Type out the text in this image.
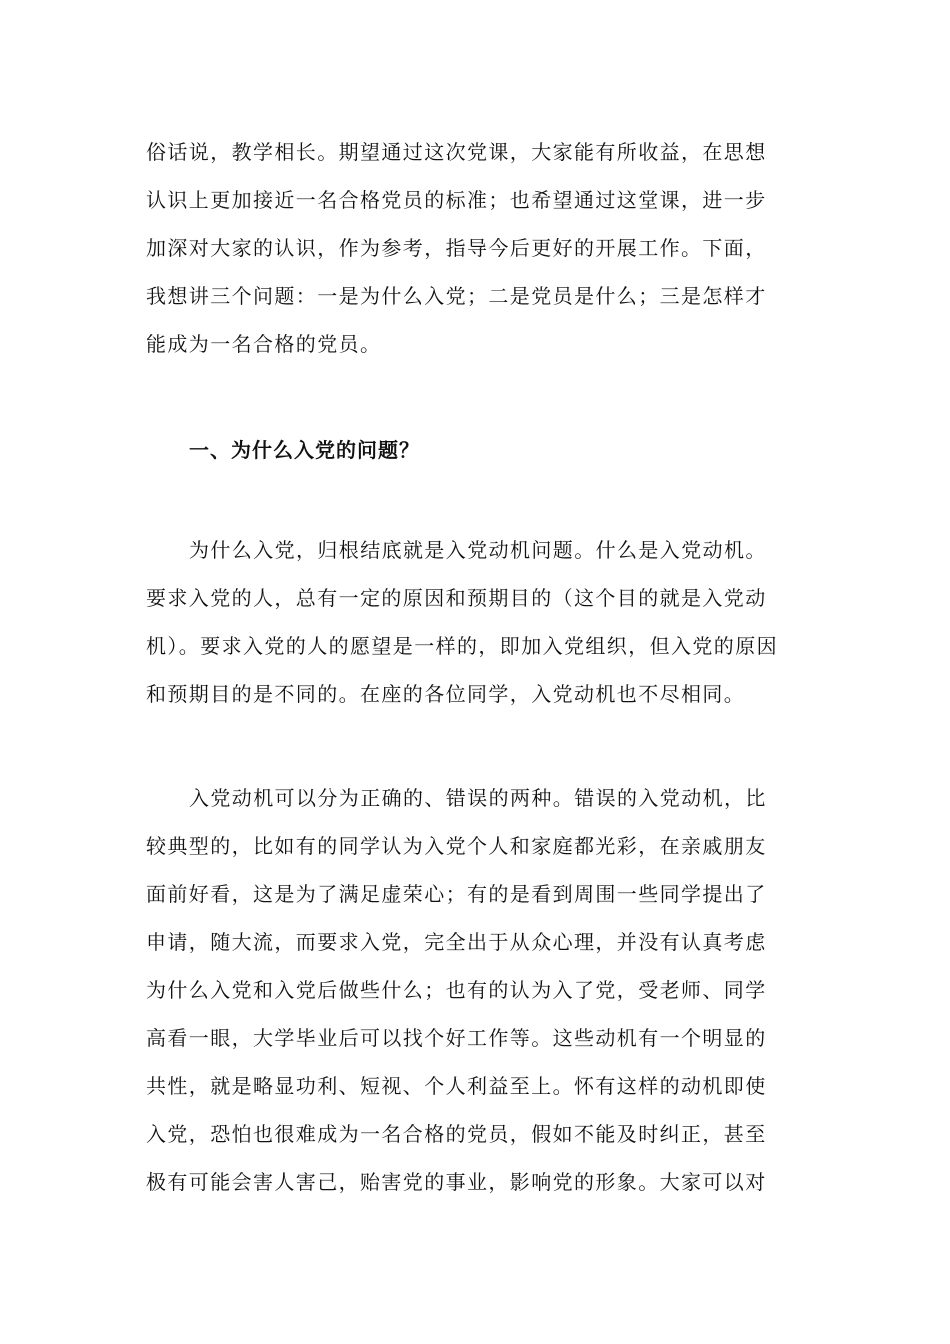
俗话说，教学相长。期望通过这次党课，大家能有所收益，在思想
认识上更加接近一名合格党员的标准；也希望通过这堂课，进一步
加深对大家的认识，作为参考，指导今后更好的开展工作。下面，
我想讲三个问题：一是为什么入党；二是党员是什么；三是怎样才
能成为一名合格的党员。
一、为什么入党的问题？
为什么入党，归根结底就是入党动机问题。什么是入党动机。
要求入党的人，总有一定的原因和预期目的（这个目的就是入党动
机）。要求入党的人的愿望是一样的，即加入党组织，但入党的原因
和预期目的是不同的。在座的各位同学，入党动机也不尽相同。
入党动机可以分为正确的、错误的两种。错误的入党动机，比
较典型的，比如有的同学认为入党个人和家庭都光彩，在亲戚朋友
面前好看，这是为了满足虚荣心；有的是看到周围一些同学提出了
申请，随大流，而要求入党，完全出于从众心理，并没有认真考虑
为什么入党和入党后做些什么；也有的认为入了党，受老师、同学
高看一眼，大学毕业后可以找个好工作等。这些动机有一个明显的
共性，就是略显功利、短视、个人利益至上。怀有这样的动机即使
入党，恐怕也很难成为一名合格的党员，假如不能及时纠正，甚至
极有可能会害人害己，贻害党的事业，影响党的形象。大家可以对
